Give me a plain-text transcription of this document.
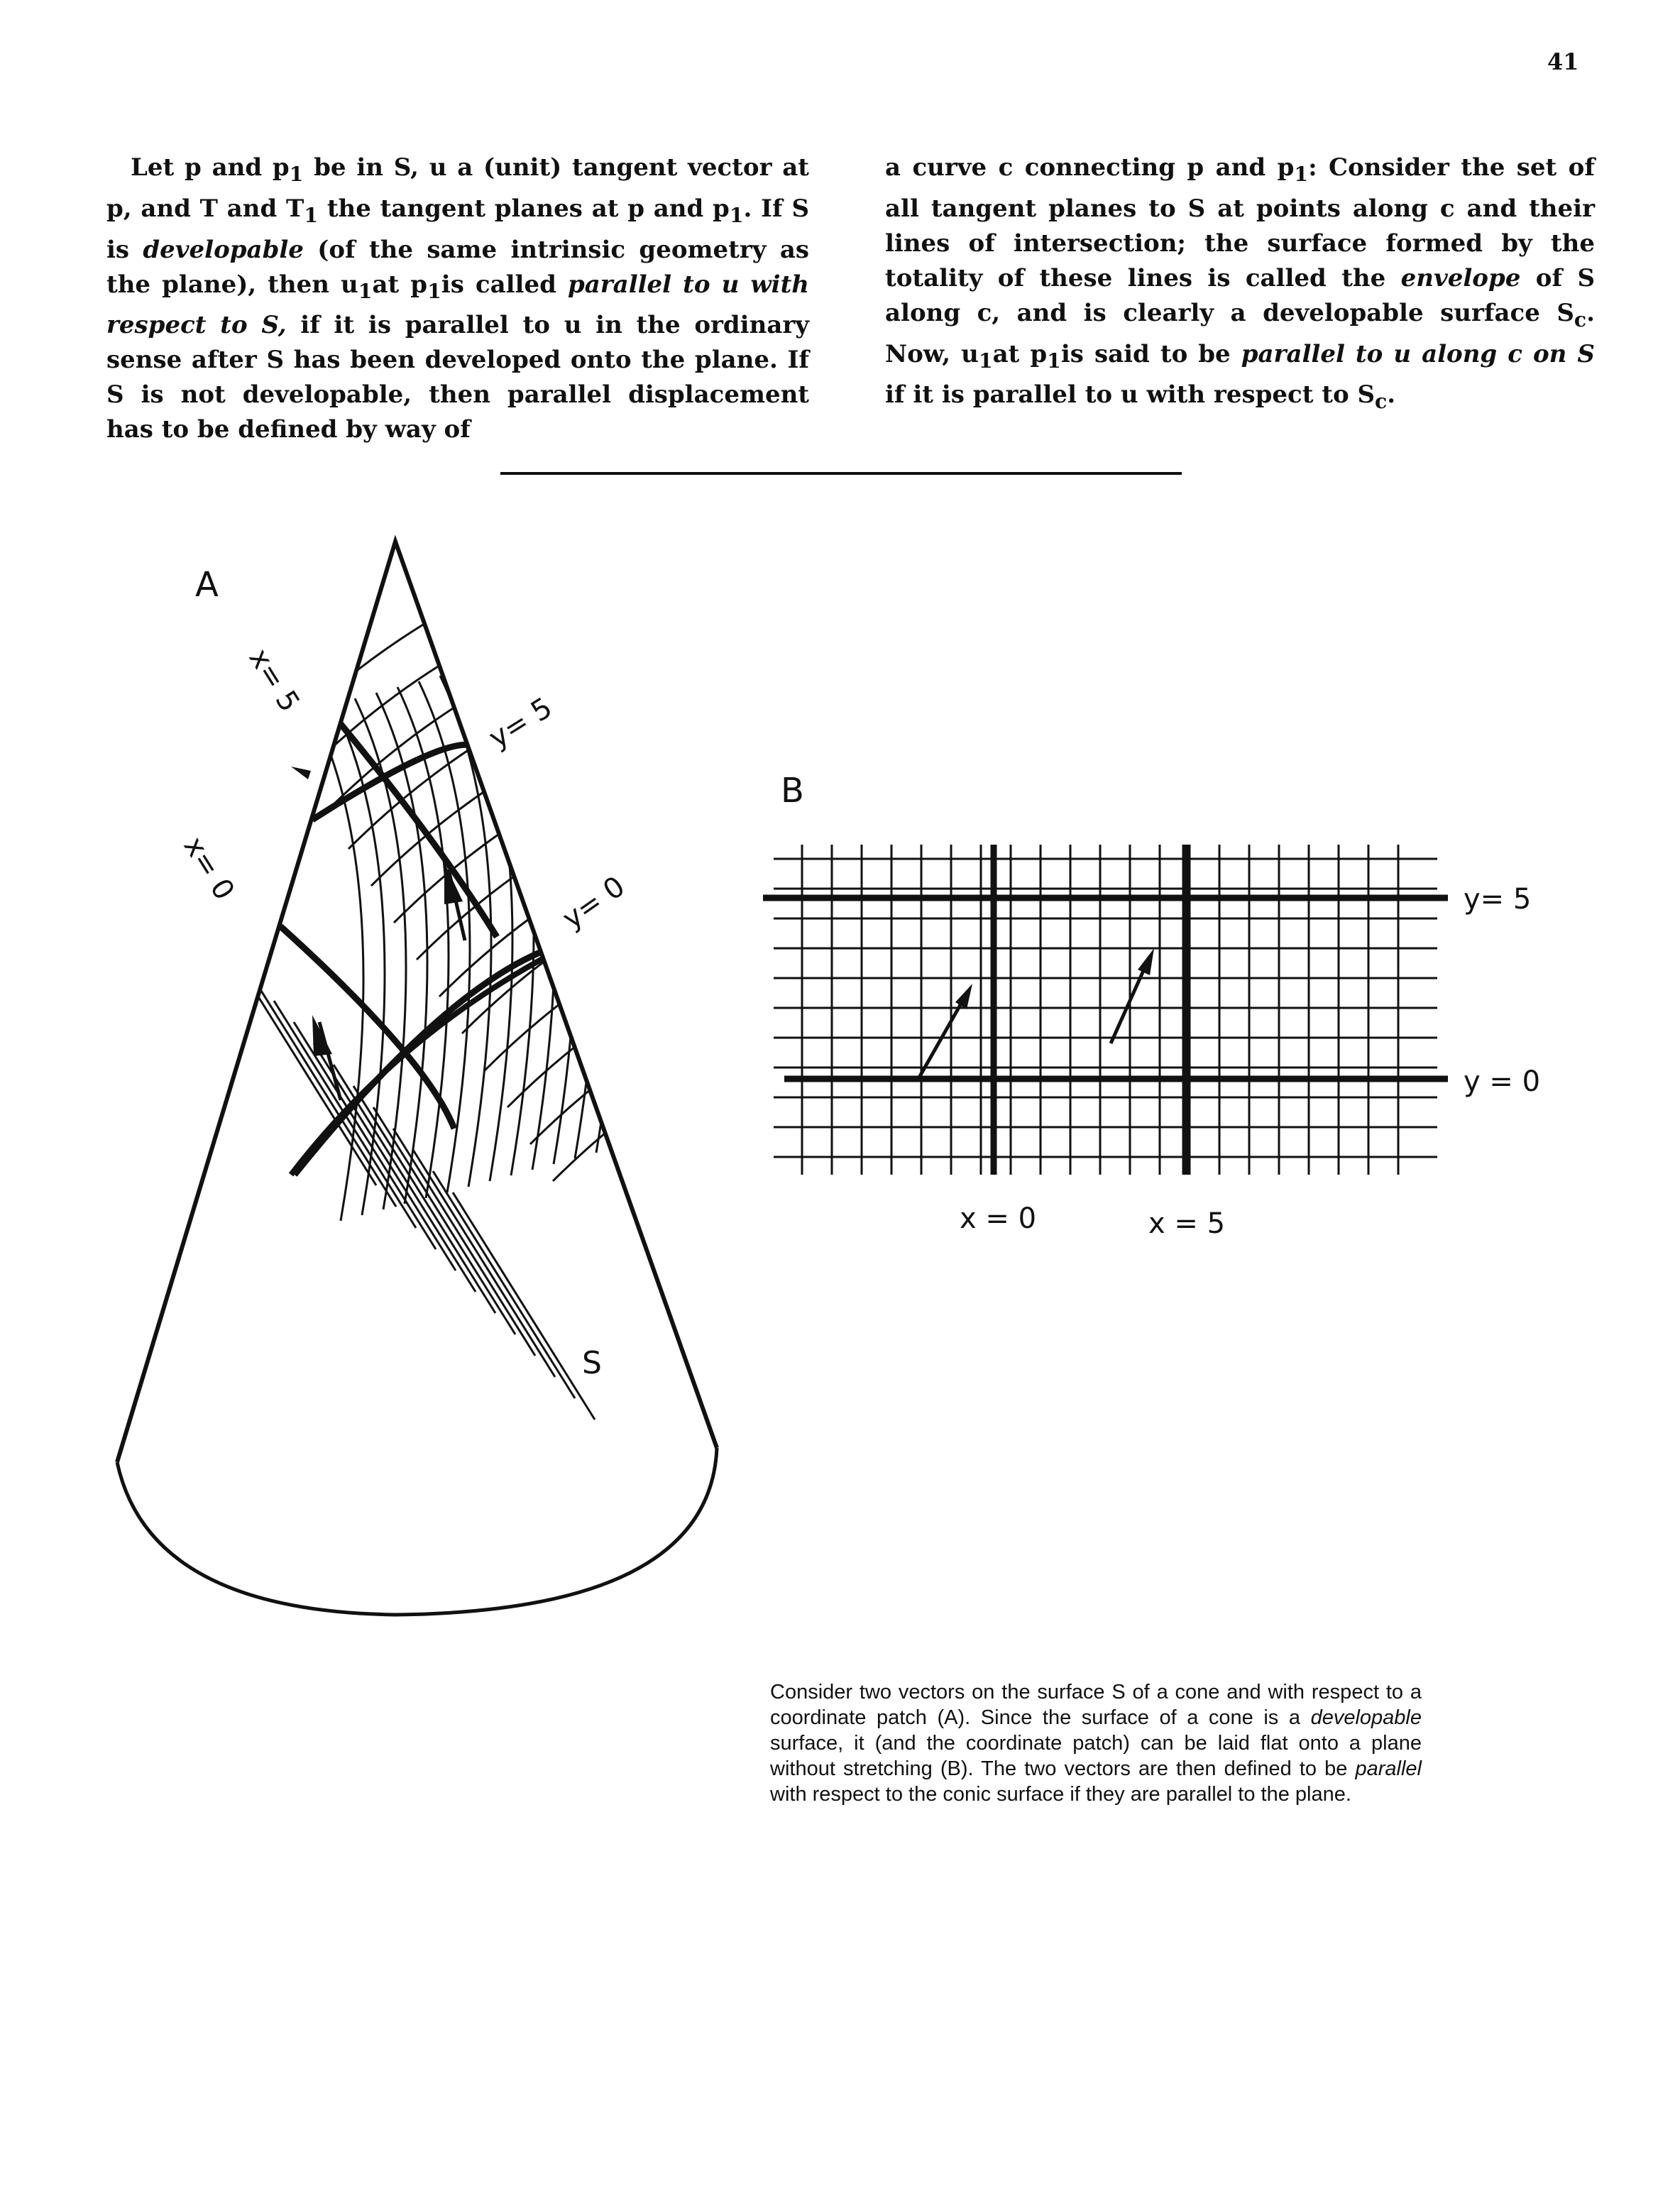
41

Let p and $p_1$ be in S, u a (unit) tangent vector at p, and T and $T_1$ the tangent planes at p and $p_1$. If S is developable (of the same intrinsic geometry as the plane), then $u_1at$ $p_1is$ called parallel to u with respect to S, if it is parallel to u in the ordinary sense after S has been developed onto the plane. If S is not developable, then parallel displacement has to be defined by way of

a curve c connecting p and $p_1$: Consider the set of all tangent planes to S at points along c and their lines of intersection; the surface formed by the totality of these lines is called the envelope of S along c, and is clearly a developable surface $S_c$. Now, $u_1at$ $p_1is$ said to be parallel to u along c on S if it is parallel to u with respect to $S_c$.

A
x= 5
x= 0
y= 5
y= 0
S
B
y= 5
y = 0
x = 0	x = 5
Consider two vectors on the surface S of a cone and with respect to a coordinate patch (A). Since the surface of a cone is a developable surface, it (and the coordinate patch) can be laid flat onto a plane without stretching (B). The two vectors are then defined to be parallel with respect to the conic surface if they are parallel to the plane.
